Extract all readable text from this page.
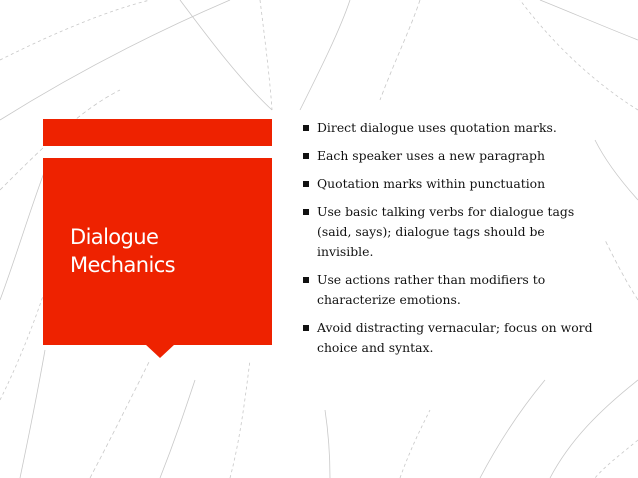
Dialogue
Mechanics
Direct dialogue uses quotation marks.
Each speaker uses a new paragraph
Quotation marks within punctuation
Use basic talking verbs for dialogue tags (said, says); dialogue tags should be invisible.
Use actions rather than modifiers to characterize emotions.
Avoid distracting vernacular; focus on word choice and syntax.
